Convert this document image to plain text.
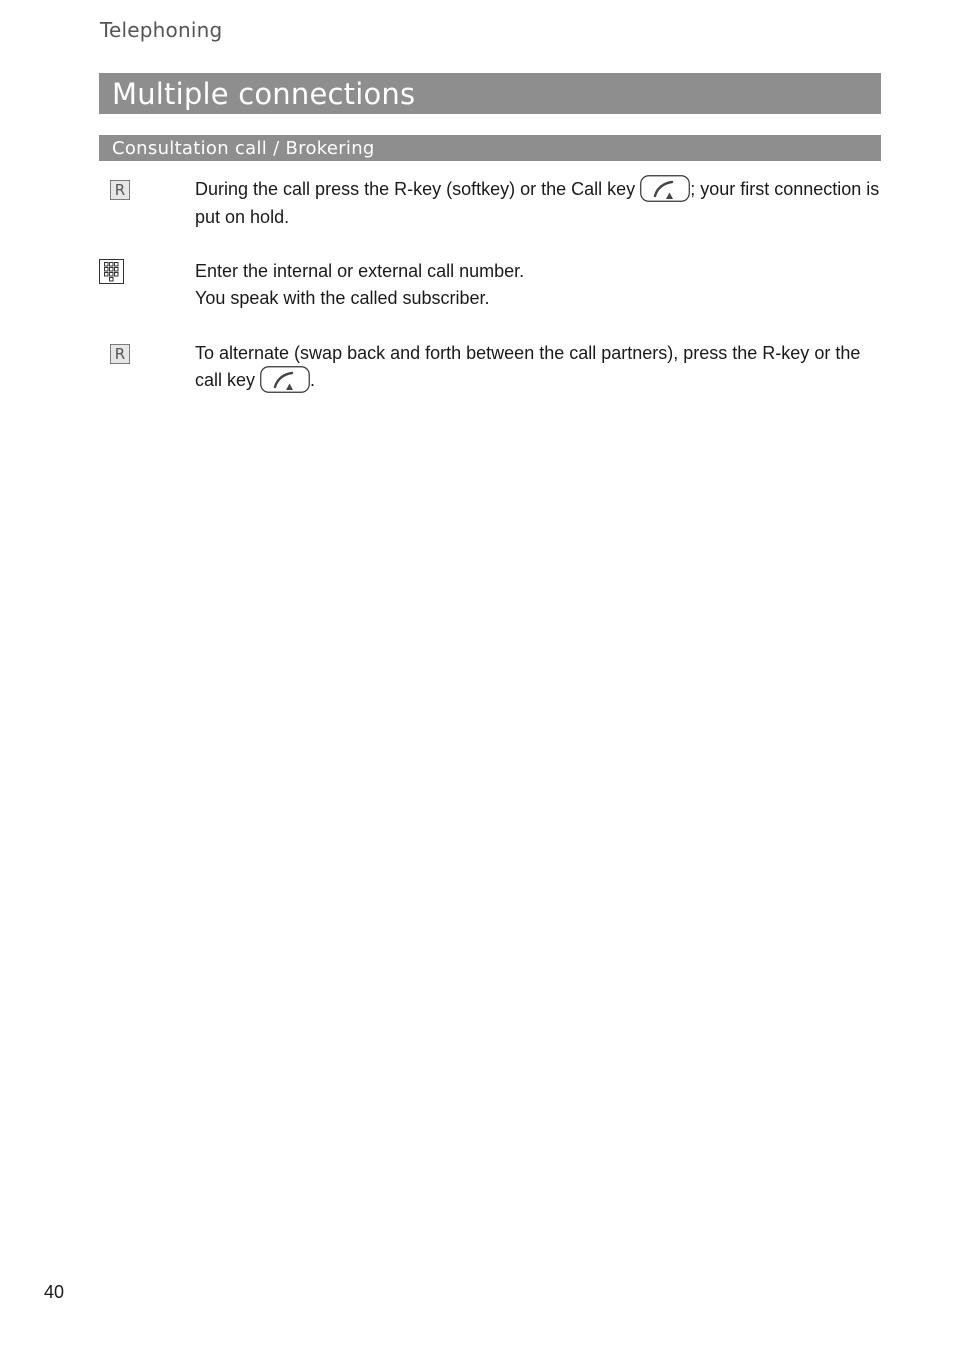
Telephoning
Multiple connections
Consultation call / Brokering
R	During the call press the R-key (softkey) or the Call key	; your first connection is put on hold.
Enter the internal or external call number.
You speak with the called subscriber.
R	To alternate (swap back and forth between the call partners), press the R-key or the call key	.
40
